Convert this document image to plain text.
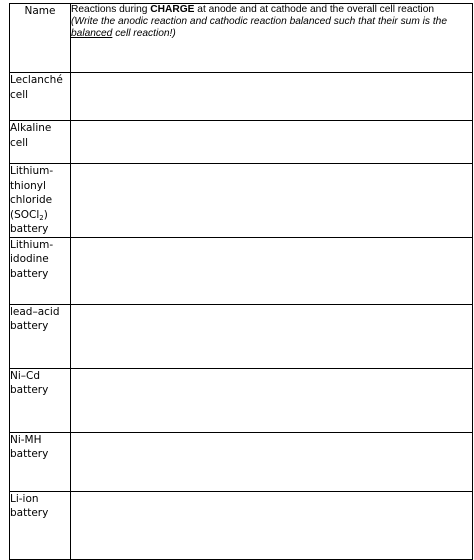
Name	Reactions during CHARGE at anode and at cathode and the overall cell reaction
(Write the anodic reaction and cathodic reaction balanced such that their sum is the
balanced cell reaction!)

Leclanché
cell	

Alkaline
cell	

Lithium-
thionyl
chloride
(SOCl$_2$)
battery	

Lithium-
idodine
battery	

lead–acid
battery	

Ni–Cd
battery	

Ni-MH
battery	

Li-ion
battery	
